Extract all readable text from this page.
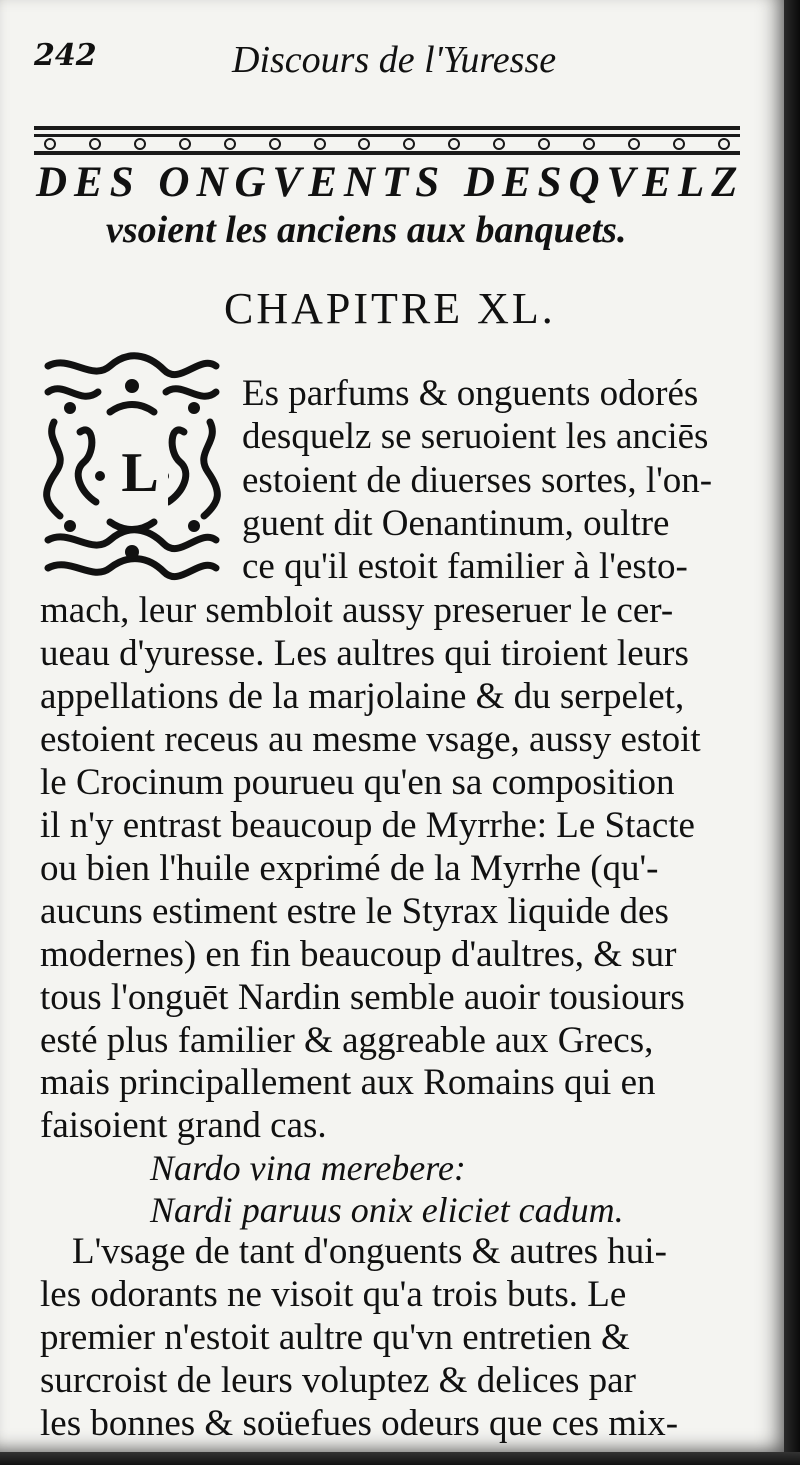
242	Discours de l'Yuresse
DES ONGVENTS DESQVELZ
vsoient les anciens aux banquets.
CHAPITRE XL.
L
Es parfums & onguents odorés
desquelz se seruoient les anciēs
estoient de diuerses sortes, l'on-
guent dit Oenantinum, oultre
ce qu'il estoit familier à l'esto-
mach, leur sembloit aussy preseruer le cer-
ueau d'yuresse. Les aultres qui tiroient leurs
appellations de la marjolaine & du serpelet,
estoient receus au mesme vsage, aussy estoit
le Crocinum pourueu qu'en sa composition
il n'y entrast beaucoup de Myrrhe: Le Stacte
ou bien l'huile exprimé de la Myrrhe (qu'-
aucuns estiment estre le Styrax liquide des
modernes) en fin beaucoup d'aultres, & sur
tous l'onguēt Nardin semble auoir tousiours
esté plus familier & aggreable aux Grecs,
mais principallement aux Romains qui en
faisoient grand cas.
Nardo vina merebere:
Nardi paruus onix eliciet cadum.
L'vsage de tant d'onguents & autres hui-
les odorants ne visoit qu'a trois buts. Le
premier n'estoit aultre qu'vn entretien &
surcroist de leurs voluptez & delices par
les bonnes & soüefues odeurs que ces mix-
